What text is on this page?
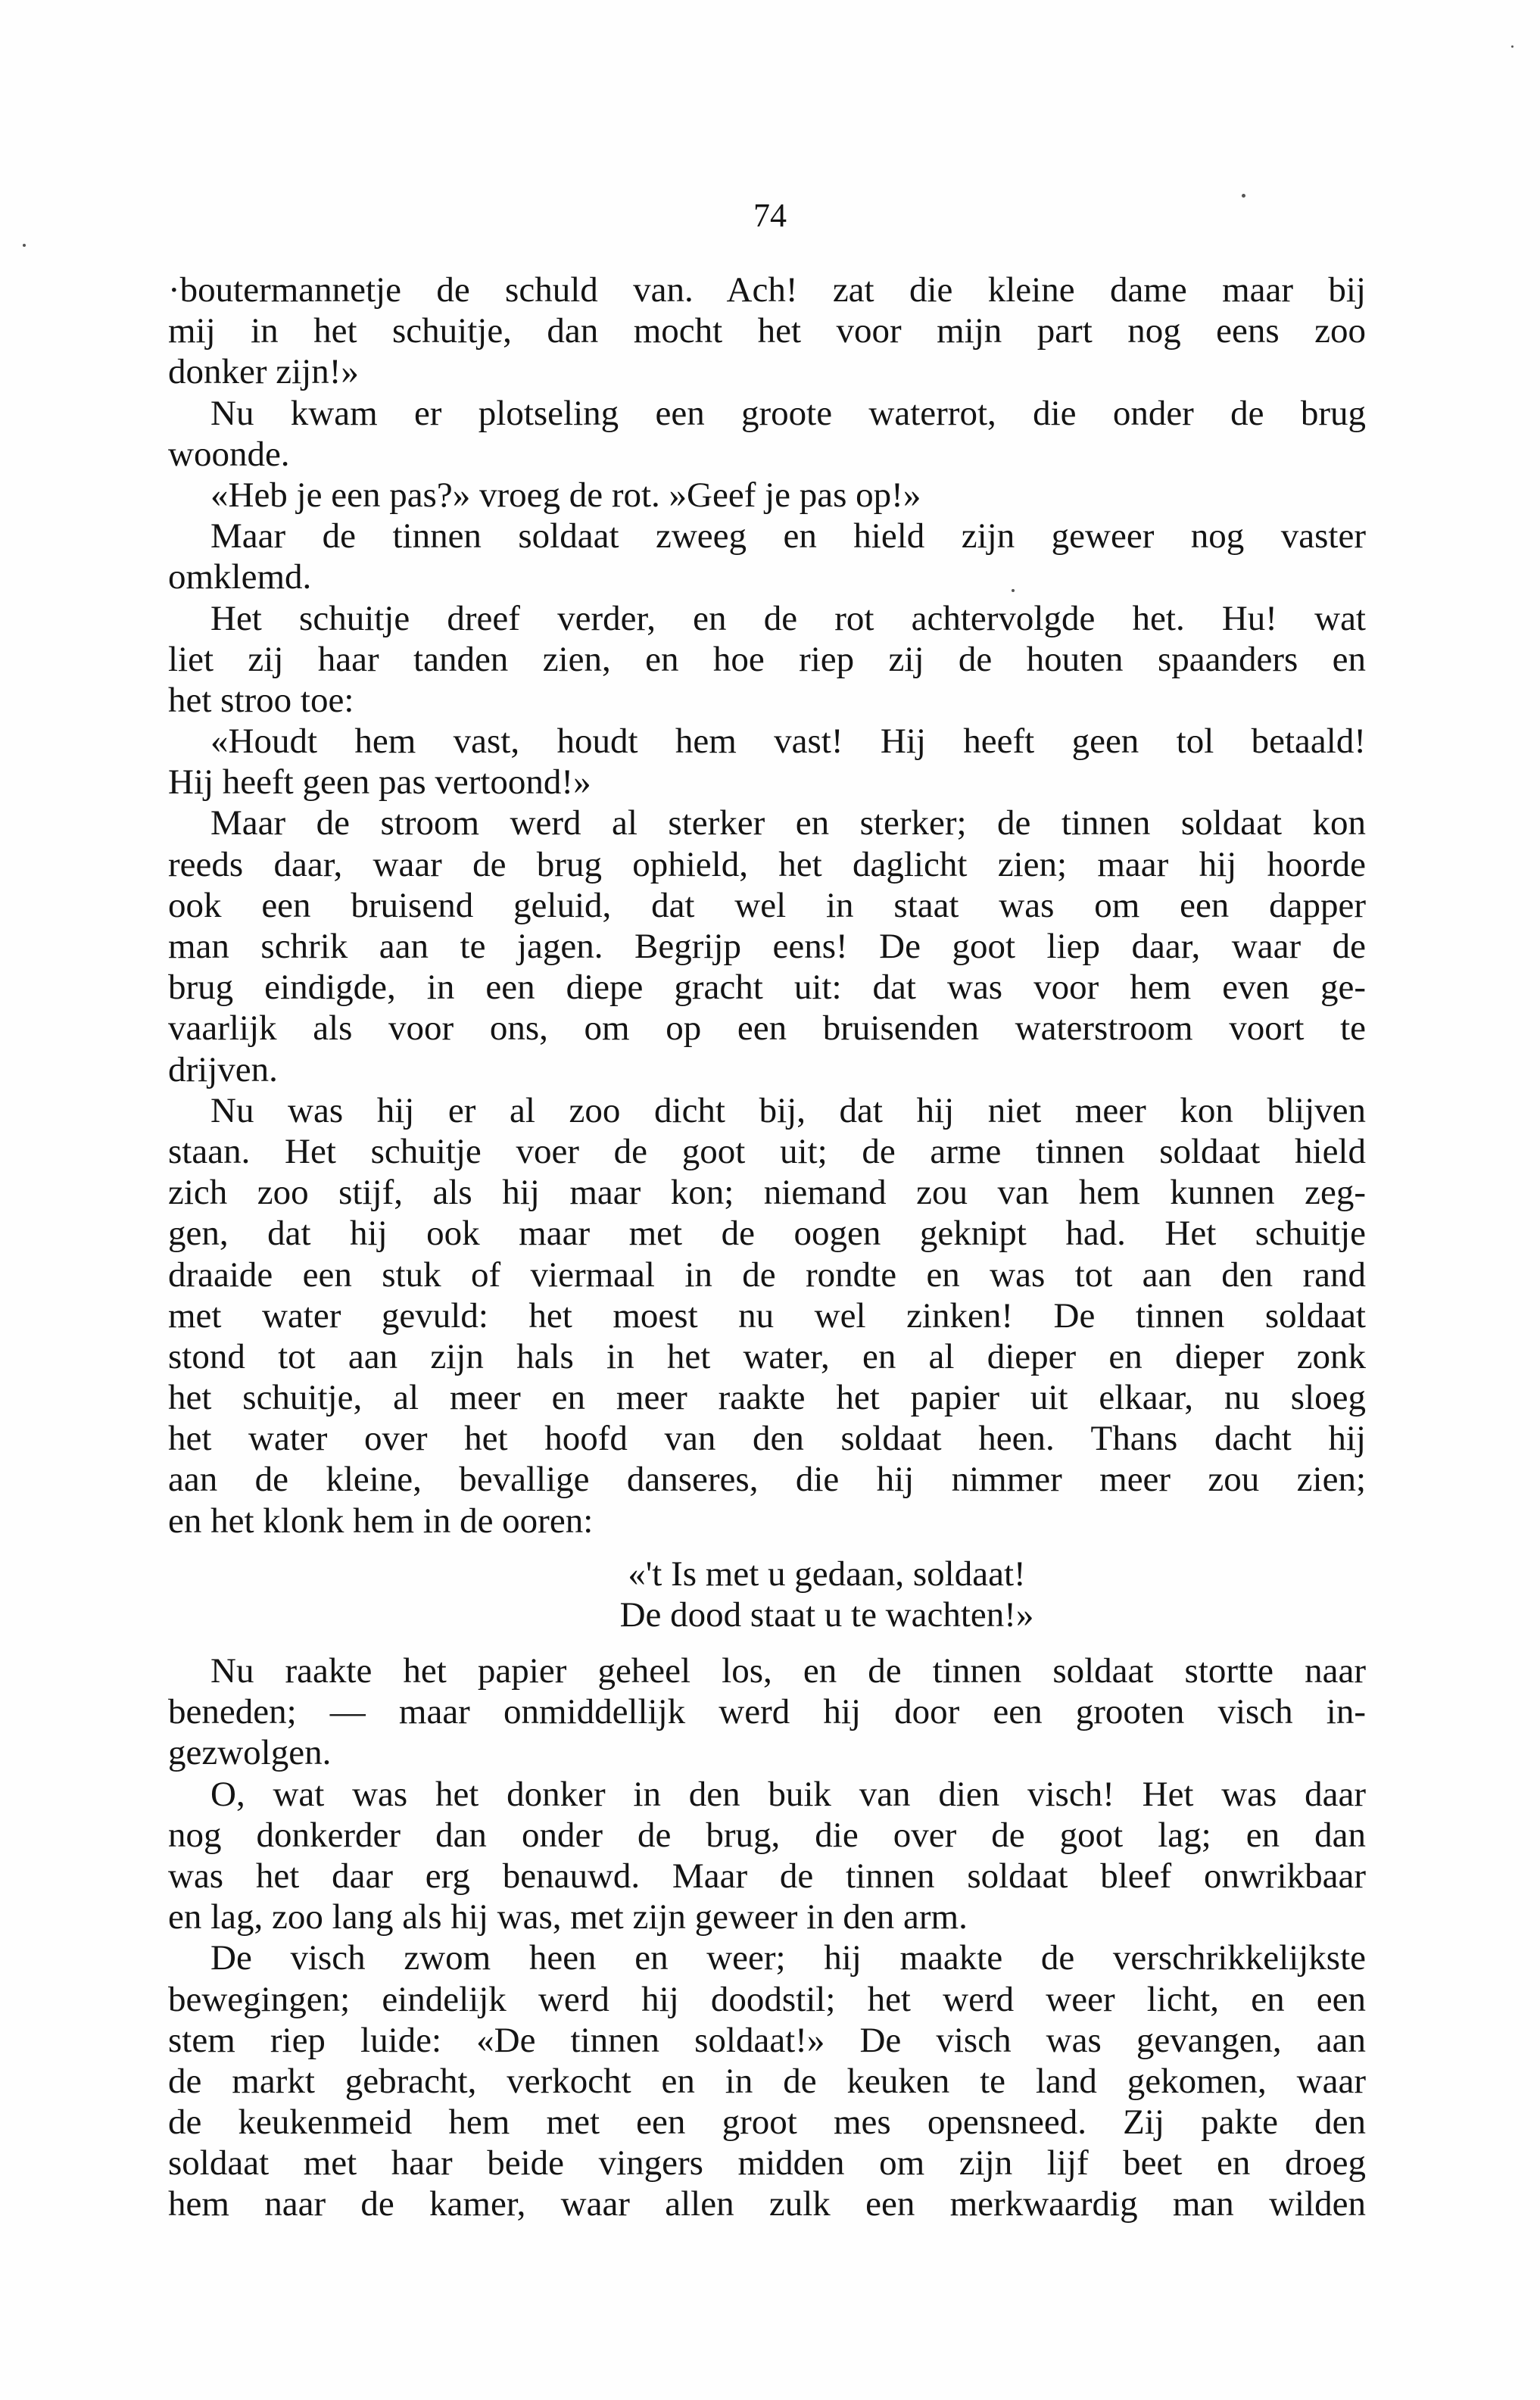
74
·boutermannetje de schuld van. Ach! zat die kleine dame maar bij
mij in het schuitje, dan mocht het voor mijn part nog eens zoo
donker zijn!»
Nu kwam er plotseling een groote waterrot, die onder de brug
woonde.
«Heb je een pas?» vroeg de rot. »Geef je pas op!»
Maar de tinnen soldaat zweeg en hield zijn geweer nog vaster
omklemd.
Het schuitje dreef verder, en de rot achtervolgde het. Hu! wat
liet zij haar tanden zien, en hoe riep zij de houten spaanders en
het stroo toe:
«Houdt hem vast, houdt hem vast! Hij heeft geen tol betaald!
Hij heeft geen pas vertoond!»
Maar de stroom werd al sterker en sterker; de tinnen soldaat kon
reeds daar, waar de brug ophield, het daglicht zien; maar hij hoorde
ook een bruisend geluid, dat wel in staat was om een dapper
man schrik aan te jagen. Begrijp eens! De goot liep daar, waar de
brug eindigde, in een diepe gracht uit: dat was voor hem even ge-
vaarlijk als voor ons, om op een bruisenden waterstroom voort te
drijven.
Nu was hij er al zoo dicht bij, dat hij niet meer kon blijven
staan. Het schuitje voer de goot uit; de arme tinnen soldaat hield
zich zoo stijf, als hij maar kon; niemand zou van hem kunnen zeg-
gen, dat hij ook maar met de oogen geknipt had. Het schuitje
draaide een stuk of viermaal in de rondte en was tot aan den rand
met water gevuld: het moest nu wel zinken! De tinnen soldaat
stond tot aan zijn hals in het water, en al dieper en dieper zonk
het schuitje, al meer en meer raakte het papier uit elkaar, nu sloeg
het water over het hoofd van den soldaat heen. Thans dacht hij
aan de kleine, bevallige danseres, die hij nimmer meer zou zien;
en het klonk hem in de ooren:
«'t Is met u gedaan, soldaat!
De dood staat u te wachten!»
Nu raakte het papier geheel los, en de tinnen soldaat stortte naar
beneden; — maar onmiddellijk werd hij door een grooten visch in-
gezwolgen.
O, wat was het donker in den buik van dien visch! Het was daar
nog donkerder dan onder de brug, die over de goot lag; en dan
was het daar erg benauwd. Maar de tinnen soldaat bleef onwrikbaar
en lag, zoo lang als hij was, met zijn geweer in den arm.
De visch zwom heen en weer; hij maakte de verschrikkelijkste
bewegingen; eindelijk werd hij doodstil; het werd weer licht, en een
stem riep luide: «De tinnen soldaat!» De visch was gevangen, aan
de markt gebracht, verkocht en in de keuken te land gekomen, waar
de keukenmeid hem met een groot mes opensneed. Zij pakte den
soldaat met haar beide vingers midden om zijn lijf beet en droeg
hem naar de kamer, waar allen zulk een merkwaardig man wilden
